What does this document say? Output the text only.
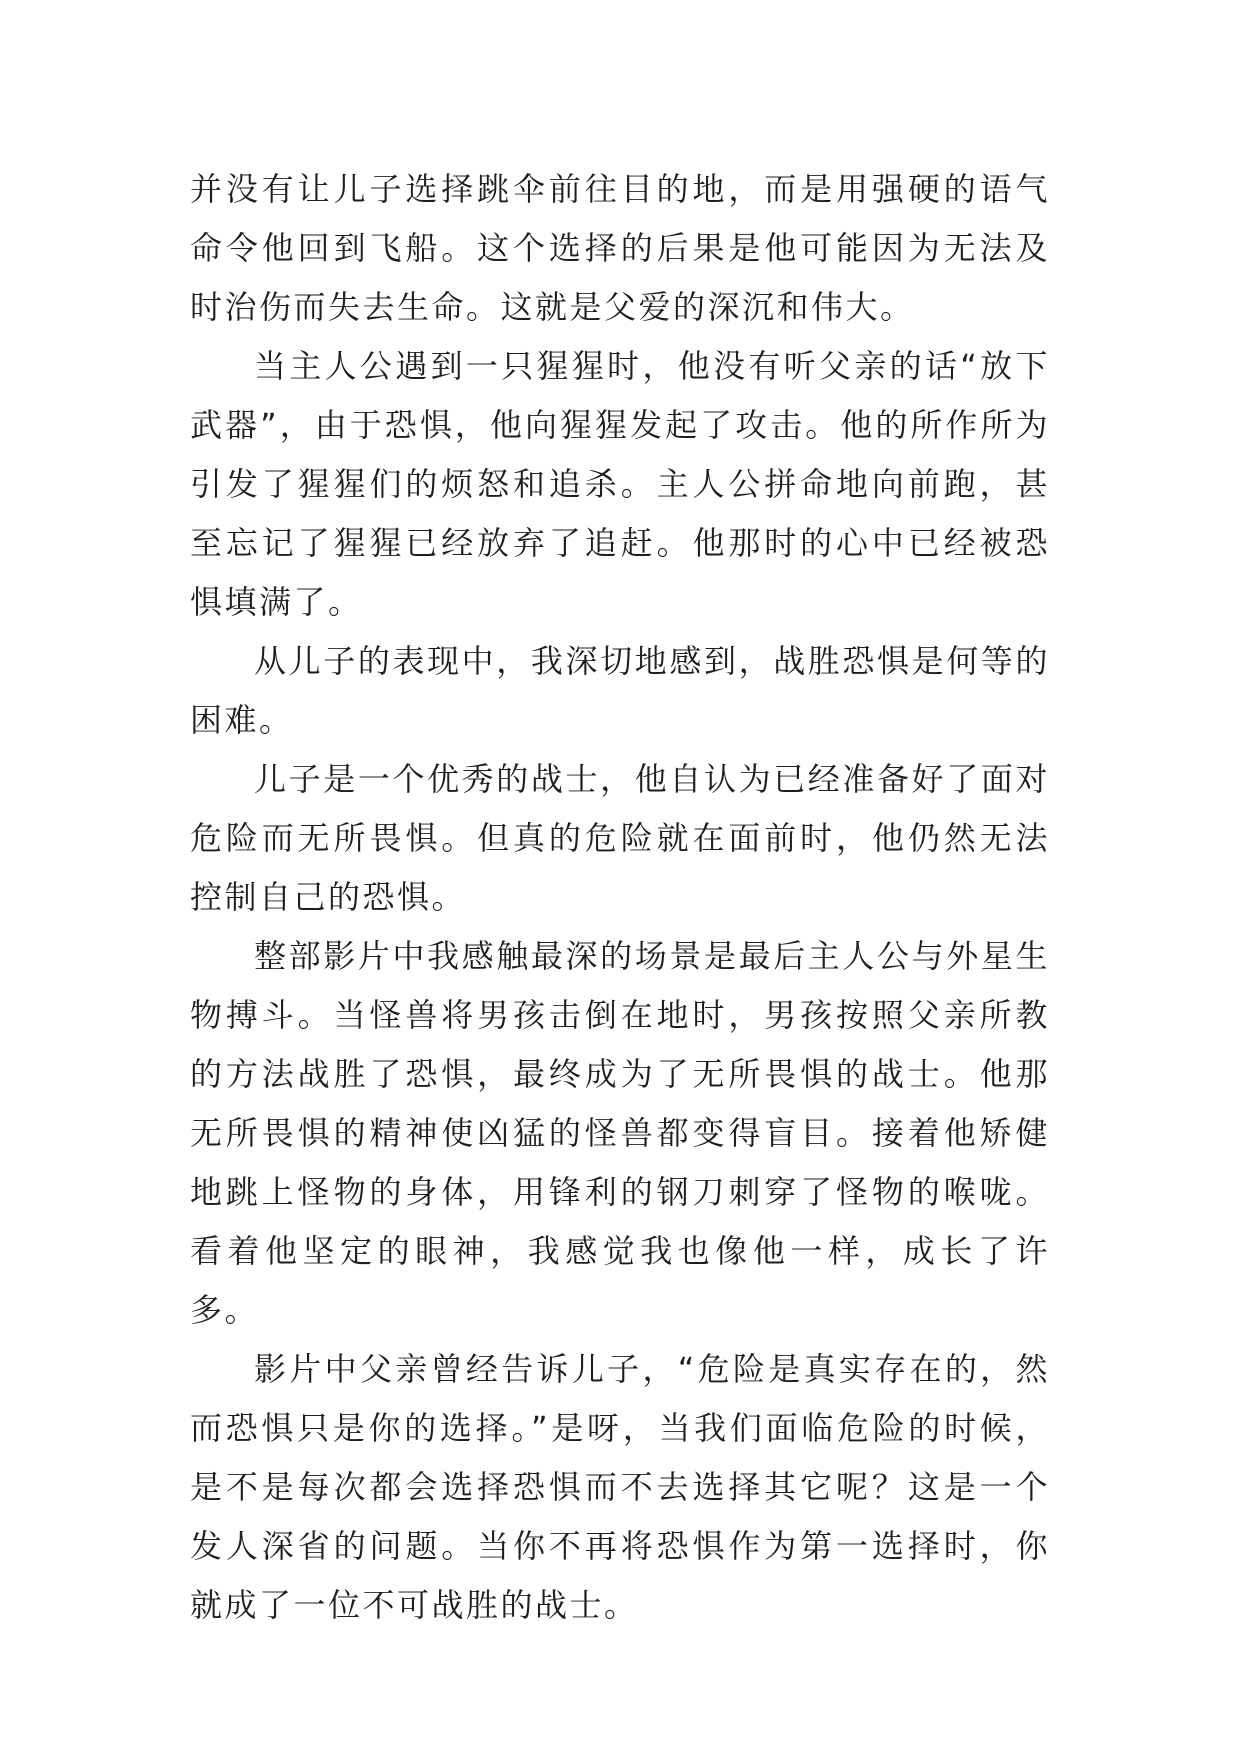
并没有让儿子选择跳伞前往目的地，而是用强硬的语气命令他回到飞船。这个选择的后果是他可能因为无法及时治伤而失去生命。这就是父爱的深沉和伟大。

当主人公遇到一只猩猩时，他没有听父亲的话“放下武器”，由于恐惧，他向猩猩发起了攻击。他的所作所为引发了猩猩们的烦怒和追杀。主人公拼命地向前跑，甚至忘记了猩猩已经放弃了追赶。他那时的心中已经被恐惧填满了。

从儿子的表现中，我深切地感到，战胜恐惧是何等的困难。

儿子是一个优秀的战士，他自认为已经准备好了面对危险而无所畏惧。但真的危险就在面前时，他仍然无法控制自己的恐惧。

整部影片中我感触最深的场景是最后主人公与外星生物搏斗。当怪兽将男孩击倒在地时，男孩按照父亲所教的方法战胜了恐惧，最终成为了无所畏惧的战士。他那无所畏惧的精神使凶猛的怪兽都变得盲目。接着他矫健地跳上怪物的身体，用锋利的钢刀刺穿了怪物的喉咙。看着他坚定的眼神，我感觉我也像他一样，成长了许多。

影片中父亲曾经告诉儿子，“危险是真实存在的，然而恐惧只是你的选择。”是呀，当我们面临危险的时候，是不是每次都会选择恐惧而不去选择其它呢？这是一个发人深省的问题。当你不再将恐惧作为第一选择时，你就成了一位不可战胜的战士。
